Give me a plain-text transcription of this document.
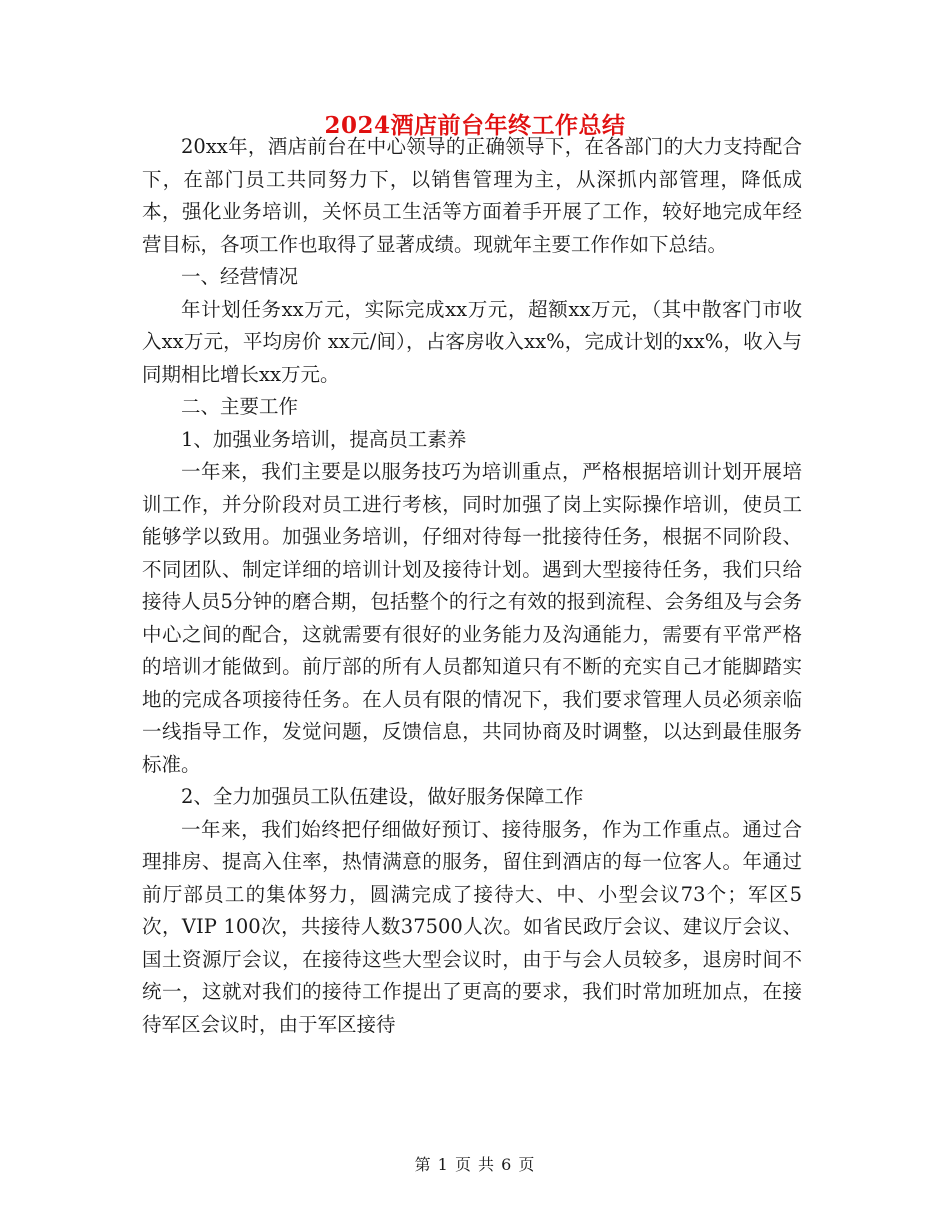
2024酒店前台年终工作总结

20xx年，酒店前台在中心领导的正确领导下，在各部门的大力支持配合下，在部门员工共同努力下，以销售管理为主，从深抓内部管理，降低成本，强化业务培训，关怀员工生活等方面着手开展了工作，较好地完成年经营目标，各项工作也取得了显著成绩。现就年主要工作作如下总结。

一、经营情况

年计划任务xx万元，实际完成xx万元，超额xx万元，（其中散客门市收入xx万元，平均房价 xx元/间），占客房收入xx%，完成计划的xx%，收入与同期相比增长xx万元。

二、主要工作

1、加强业务培训，提高员工素养

一年来，我们主要是以服务技巧为培训重点，严格根据培训计划开展培训工作，并分阶段对员工进行考核，同时加强了岗上实际操作培训，使员工能够学以致用。加强业务培训，仔细对待每一批接待任务，根据不同阶段、不同团队、制定详细的培训计划及接待计划。遇到大型接待任务，我们只给接待人员5分钟的磨合期，包括整个的行之有效的报到流程、会务组及与会务中心之间的配合，这就需要有很好的业务能力及沟通能力，需要有平常严格的培训才能做到。前厅部的所有人员都知道只有不断的充实自己才能脚踏实地的完成各项接待任务。在人员有限的情况下，我们要求管理人员必须亲临一线指导工作，发觉问题，反馈信息，共同协商及时调整，以达到最佳服务标准。

2、全力加强员工队伍建设，做好服务保障工作

一年来，我们始终把仔细做好预订、接待服务，作为工作重点。通过合理排房、提高入住率，热情满意的服务，留住到酒店的每一位客人。年通过前厅部员工的集体努力，圆满完成了接待大、中、小型会议73个；军区5次，VIP 100次，共接待人数37500人次。如省民政厅会议、建议厅会议、国土资源厅会议，在接待这些大型会议时，由于与会人员较多，退房时间不统一，这就对我们的接待工作提出了更高的要求，我们时常加班加点，在接待军区会议时，由于军区接待

第 1 页 共 6 页
